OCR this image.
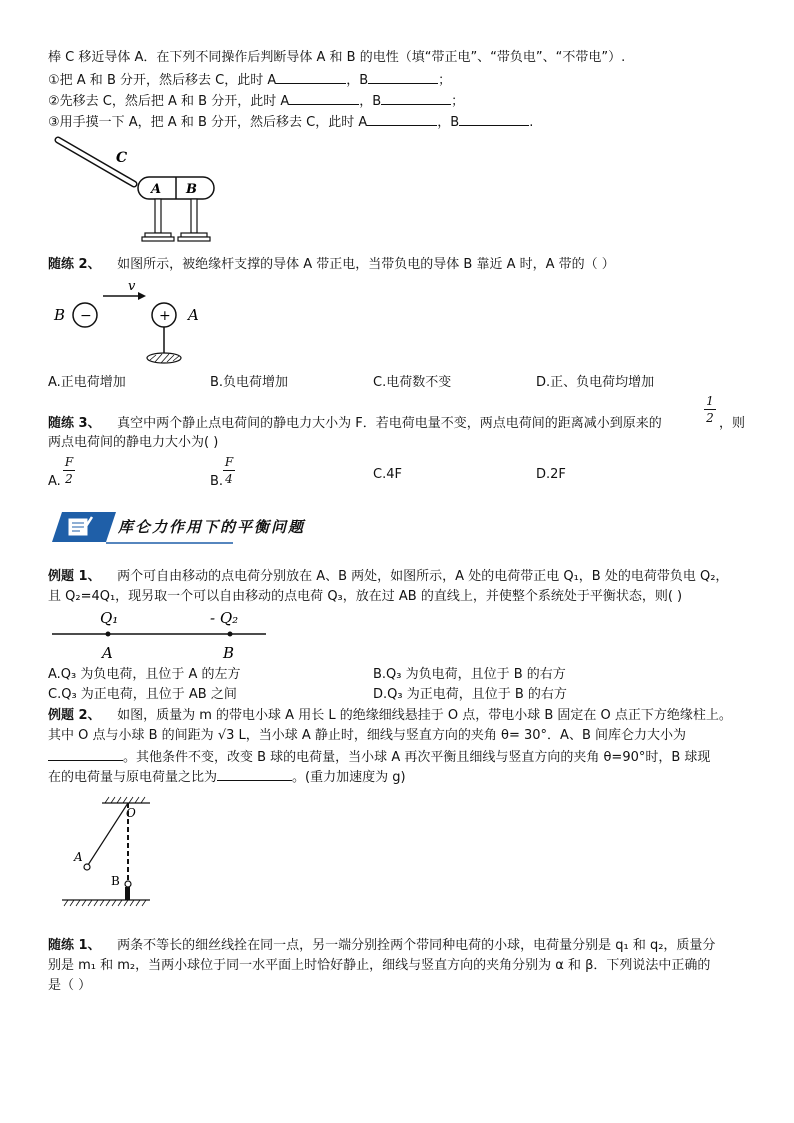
棒 C 移近导体 A．在下列不同操作后判断导体 A 和 B 的电性（填“带正电”、“带负电”、“不带电”）.
①把 A 和 B 分开，然后移去 C，此时 A	，B	；
②先移去 C，然后把 A 和 B 分开，此时 A	，B	；
③用手摸一下 A，把 A 和 B 分开，然后移去 C，此时 A	，B	.
C
A B
随练 2、 如图所示，被绝缘杆支撑的导体 A 带正电，当带负电的导体 B 靠近 A 时，A 带的（ ）
B −
v
+ A
A.正电荷增加	B.负电荷增加	C.电荷数不变	D.正、负电荷均增加
随练 3、 真空中两个静止点电荷间的静电力大小为 F．若电荷电量不变，两点电荷间的距离减小到原来的
1
2 ，则
两点电荷间的静电力大小为( )
A.
F
2	B.
F
4	C.4F	D.2F
库仑力作用下的平衡问题
例题 1、 两个可自由移动的点电荷分别放在 A、B 两处，如图所示，A 处的电荷带正电 Q₁，B 处的电荷带负电 Q₂，
且 Q₂=4Q₁，现另取一个可以自由移动的点电荷 Q₃，放在过 AB 的直线上，并使整个系统处于平衡状态，则( )
Q₁	- Q₂
A	B
A.Q₃ 为负电荷，且位于 A 的左方	B.Q₃ 为负电荷，且位于 B 的右方
C.Q₃ 为正电荷，且位于 AB 之间	D.Q₃ 为正电荷，且位于 B 的右方
例题 2、 如图，质量为 m 的带电小球 A 用长 L 的绝缘细线悬挂于 O 点，带电小球 B 固定在 O 点正下方绝缘柱上。
其中 O 点与小球 B 的间距为 √3 L，当小球 A 静止时，细线与竖直方向的夹角 θ= 30°．A、B 间库仑力大小为
。其他条件不变，改变 B 球的电荷量，当小球 A 再次平衡且细线与竖直方向的夹角 θ=90°时，B 球现
在的电荷量与原电荷量之比为	。(重力加速度为 g)
O
A
B
随练 1、 两条不等长的细丝线拴在同一点，另一端分别拴两个带同种电荷的小球，电荷量分别是 q₁ 和 q₂，质量分
别是 m₁ 和 m₂，当两小球位于同一水平面上时恰好静止，细线与竖直方向的夹角分别为 α 和 β．下列说法中正确的
是（ ）
